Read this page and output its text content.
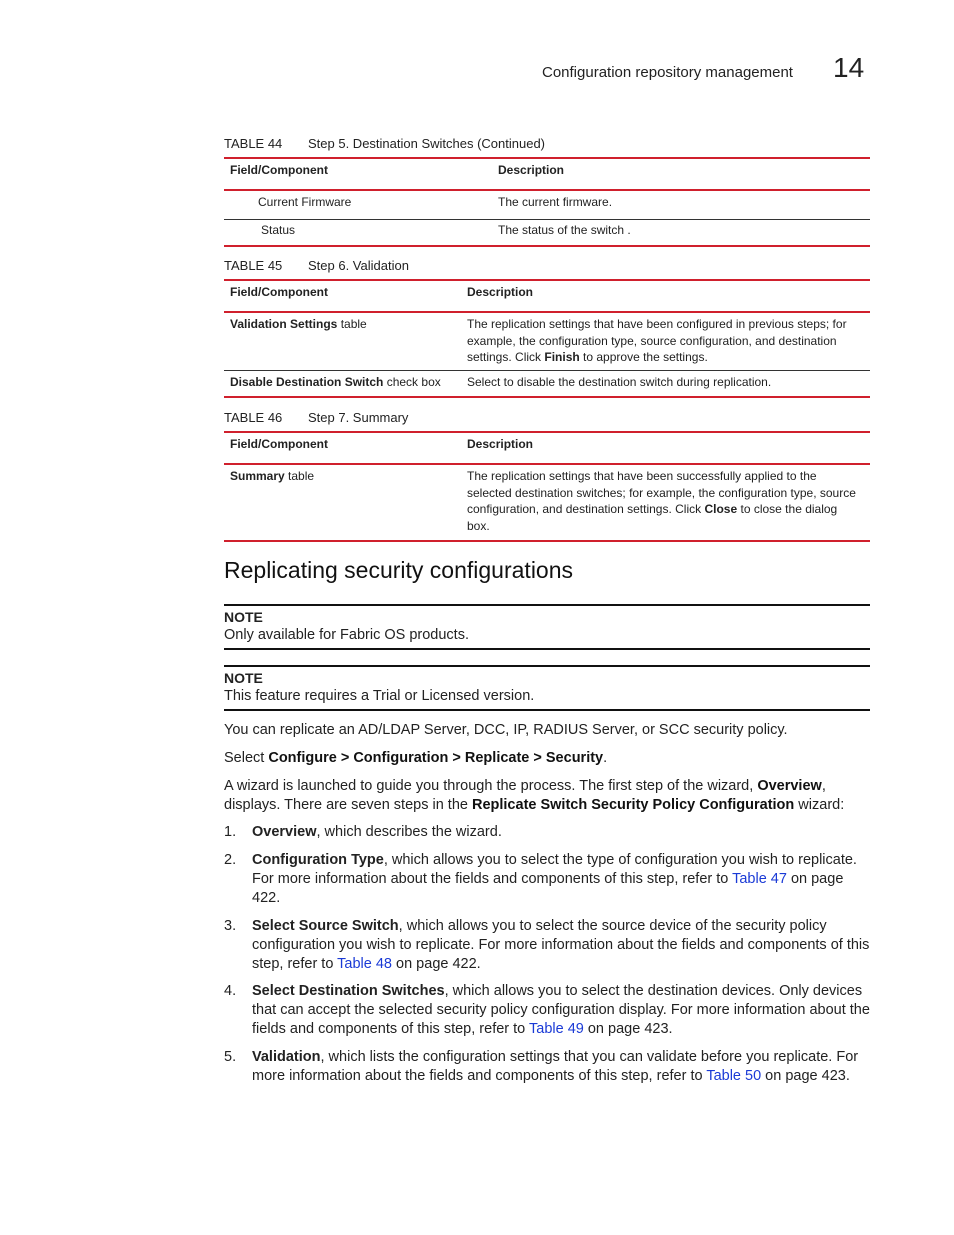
Configuration repository management 14
TABLE 44 Step 5. Destination Switches (Continued)
Field/Component	Description
Current Firmware	The current firmware.
Status	The status of the switch .
TABLE 45 Step 6. Validation
Field/Component	Description
Validation Settings table	The replication settings that have been configured in previous steps; for example, the configuration type, source configuration, and destination settings. Click Finish to approve the settings.
Disable Destination Switch check box	Select to disable the destination switch during replication.
TABLE 46 Step 7. Summary
Field/Component	Description
Summary table	The replication settings that have been successfully applied to the selected destination switches; for example, the configuration type, source configuration, and destination settings. Click Close to close the dialog box.
Replicating security configurations
NOTE
Only available for Fabric OS products.
NOTE
This feature requires a Trial or Licensed version.
You can replicate an AD/LDAP Server, DCC, IP, RADIUS Server, or SCC security policy.
Select Configure > Configuration > Replicate > Security.
A wizard is launched to guide you through the process. The first step of the wizard, Overview, displays. There are seven steps in the Replicate Switch Security Policy Configuration wizard:
1. Overview, which describes the wizard.
2. Configuration Type, which allows you to select the type of configuration you wish to replicate. For more information about the fields and components of this step, refer to Table 47 on page 422.
3. Select Source Switch, which allows you to select the source device of the security policy configuration you wish to replicate. For more information about the fields and components of this step, refer to Table 48 on page 422.
4. Select Destination Switches, which allows you to select the destination devices. Only devices that can accept the selected security policy configuration display. For more information about the fields and components of this step, refer to Table 49 on page 423.
5. Validation, which lists the configuration settings that you can validate before you replicate. For more information about the fields and components of this step, refer to Table 50 on page 423.
